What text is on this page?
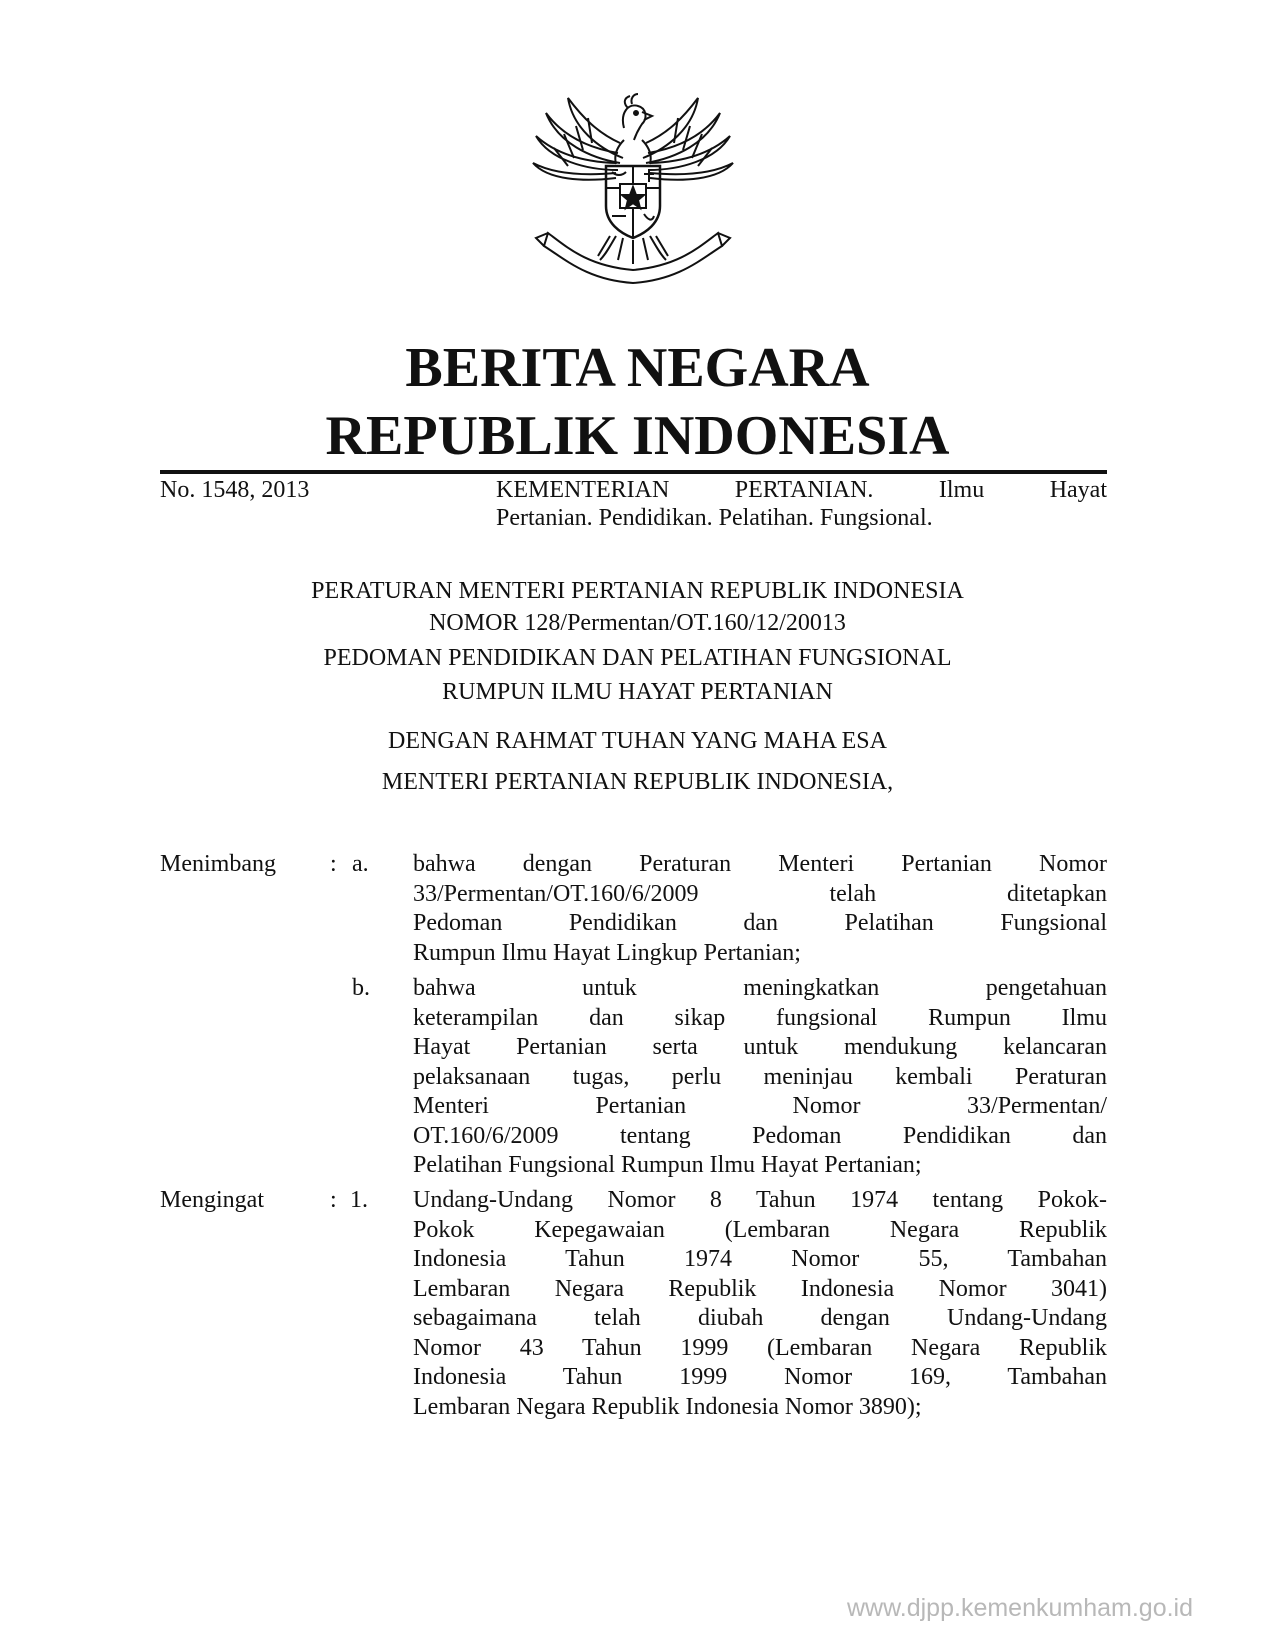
BERITA NEGARA
REPUBLIK INDONESIA
No. 1548, 2013	KEMENTERIAN PERTANIAN. Ilmu Hayat
Pertanian. Pendidikan. Pelatihan. Fungsional.
PERATURAN MENTERI PERTANIAN REPUBLIK INDONESIA
NOMOR 128/Permentan/OT.160/12/20013
PEDOMAN PENDIDIKAN DAN PELATIHAN FUNGSIONAL
RUMPUN ILMU HAYAT PERTANIAN
DENGAN RAHMAT TUHAN YANG MAHA ESA
MENTERI PERTANIAN REPUBLIK INDONESIA,
Menimbang : a. bahwa dengan Peraturan Menteri Pertanian Nomor
33/Permentan/OT.160/6/2009 telah ditetapkan
Pedoman Pendidikan dan Pelatihan Fungsional
Rumpun Ilmu Hayat Lingkup Pertanian;
b. bahwa untuk meningkatkan pengetahuan
keterampilan dan sikap fungsional Rumpun Ilmu
Hayat Pertanian serta untuk mendukung kelancaran
pelaksanaan tugas, perlu meninjau kembali Peraturan
Menteri Pertanian Nomor 33/Permentan/
OT.160/6/2009 tentang Pedoman Pendidikan dan
Pelatihan Fungsional Rumpun Ilmu Hayat Pertanian;
Mengingat	: 1. Undang-Undang Nomor 8 Tahun 1974 tentang Pokok-
Pokok Kepegawaian (Lembaran Negara Republik
Indonesia Tahun 1974 Nomor 55, Tambahan
Lembaran Negara Republik Indonesia Nomor 3041)
sebagaimana telah diubah dengan Undang-Undang
Nomor 43 Tahun 1999 (Lembaran Negara Republik
Indonesia Tahun 1999 Nomor 169, Tambahan
Lembaran Negara Republik Indonesia Nomor 3890);
www.djpp.kemenkumham.go.id
